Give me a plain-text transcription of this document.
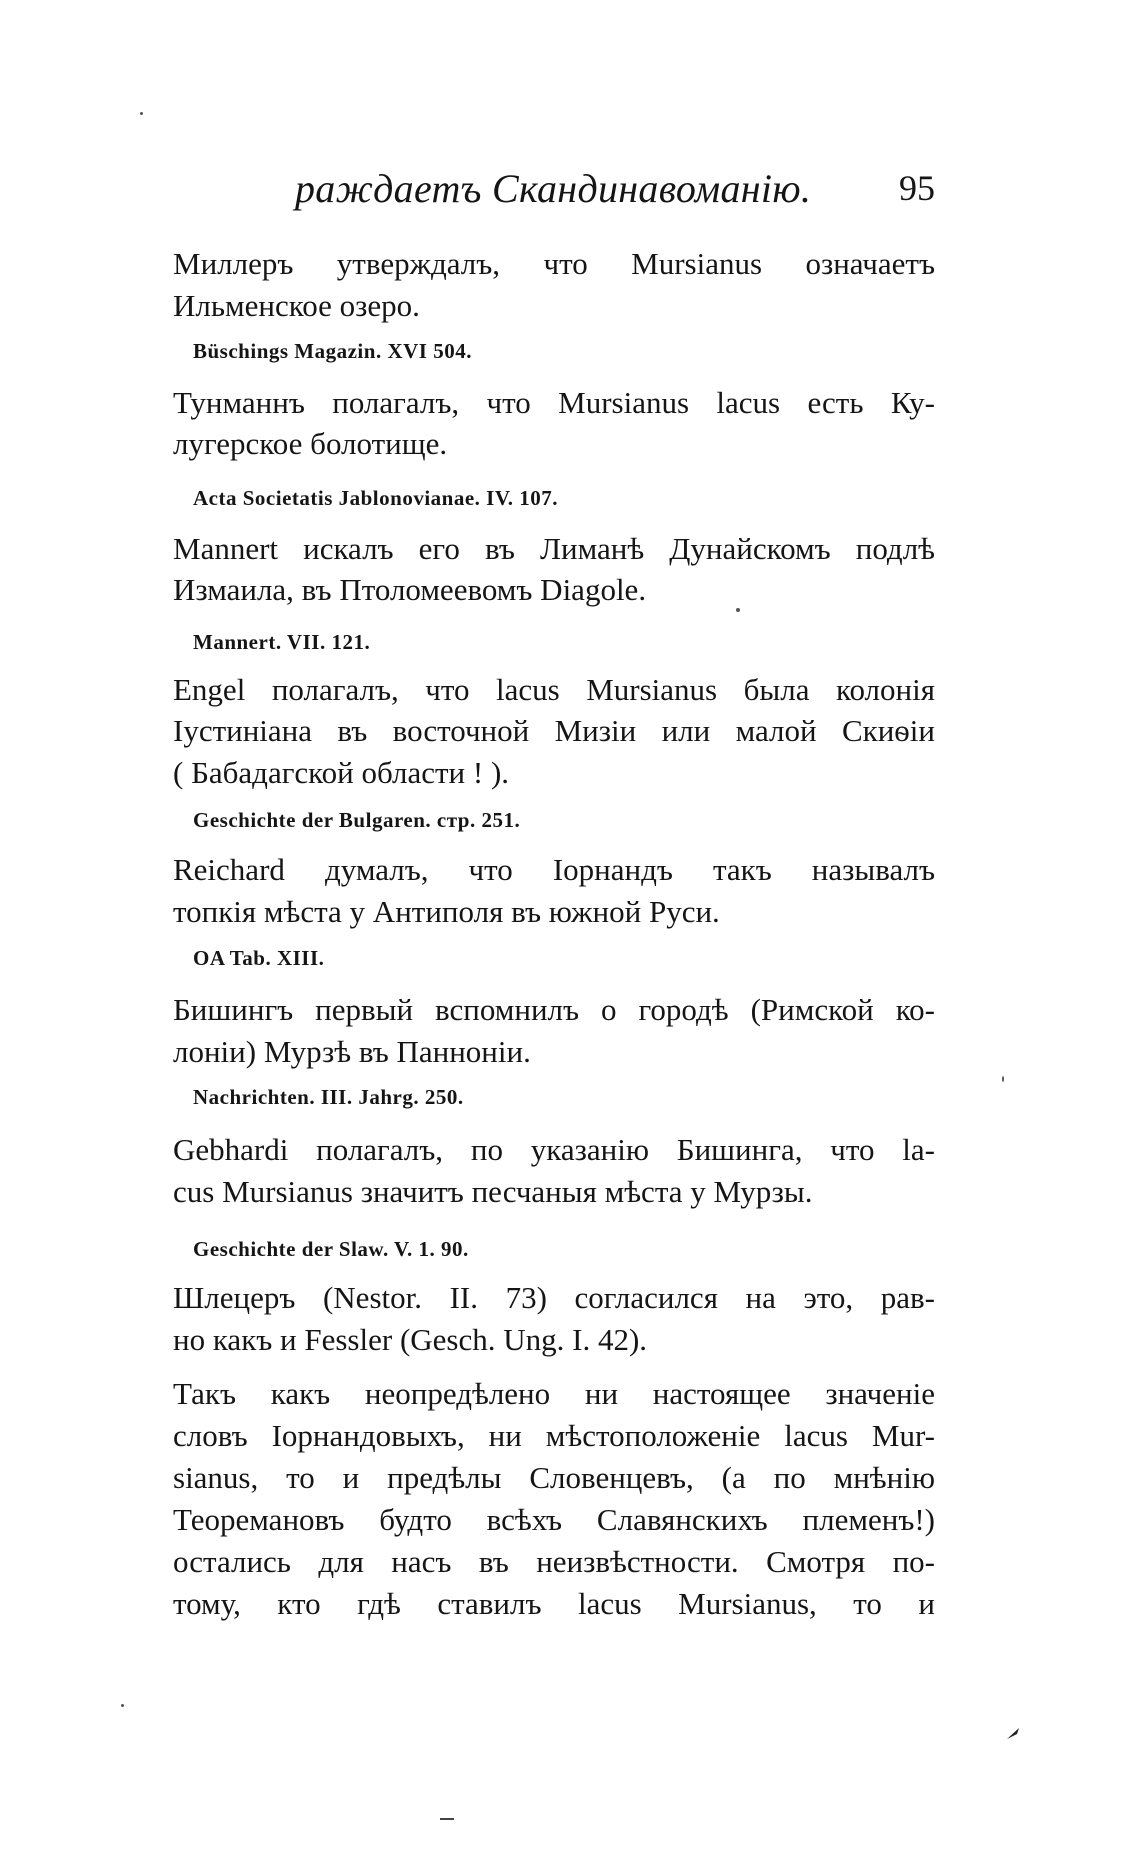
раждаетъ Скандинавоманію. 95
Миллеръ утверждалъ, что Mursianus означаетъ
Ильменское озеро.
Büschings Magazin. XVI 504.
Тунманнъ полагалъ, что Mursianus lacus есть Ку-
лугерское болотище.
Acta Societatis Jablonovianae. IV. 107.
Mannert искалъ его въ Лиманѣ Дунайскомъ подлѣ
Измаила, въ Птоломеевомъ Diagole.
Mannert. VII. 121.
Engel полагалъ, что lacus Mursianus была колонія
Іустиніана въ восточной Мизіи или малой Скиѳіи
( Бабадагской области ! ).
Geschichte der Bulgaren. стр. 251.
Reichard думалъ, что Іорнандъ такъ называлъ
топкія мѣста у Антиполя въ южной Руси.
OA Tab. XIII.
Бишингъ первый вспомнилъ о городѣ (Римской ко-
лоніи) Мурзѣ въ Панноніи.
Nachrichten. III. Jahrg. 250.
Gebhardi полагалъ, по указанію Бишинга, что la-
cus Mursianus значитъ песчаныя мѣста у Мурзы.
Geschichte der Slaw. V. 1. 90.
Шлецеръ (Nestor. II. 73) согласился на это, рав-
но какъ и Fessler (Gesch. Ung. I. 42).
Такъ какъ неопредѣлено ни настоящее значеніе
словъ Іорнандовыхъ, ни мѣстоположеніе lacus Mur-
sianus, то и предѣлы Словенцевъ, (а по мнѣнію
Теоремановъ будто всѣхъ Славянскихъ племенъ!)
остались для насъ въ неизвѣстности. Смотря по-
тому, кто гдѣ ставилъ lacus Mursianus, то и
